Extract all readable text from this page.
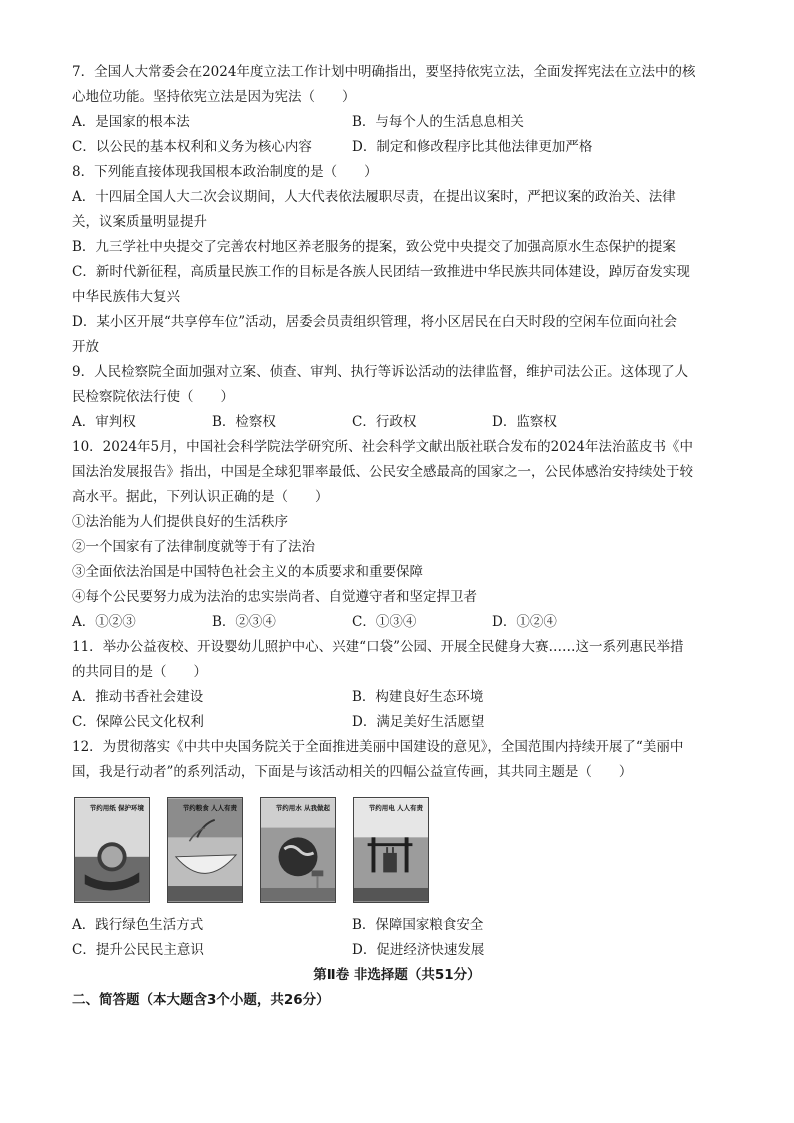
7．全国人大常委会在2024年度立法工作计划中明确指出，要坚持依宪立法，全面发挥宪法在立法中的核
心地位功能。坚持依宪立法是因为宪法（　　）
A．是国家的根本法	B．与每个人的生活息息相关
C．以公民的基本权利和义务为核心内容	D．制定和修改程序比其他法律更加严格
8．下列能直接体现我国根本政治制度的是（　　）
A．十四届全国人大二次会议期间，人大代表依法履职尽责，在提出议案时，严把议案的政治关、法律
关，议案质量明显提升
B．九三学社中央提交了完善农村地区养老服务的提案，致公党中央提交了加强高原水生态保护的提案
C．新时代新征程，高质量民族工作的目标是各族人民团结一致推进中华民族共同体建设，踔厉奋发实现
中华民族伟大复兴
D．某小区开展“共享停车位”活动，居委会员责组织管理，将小区居民在白天时段的空闲车位面向社会
开放
9．人民检察院全面加强对立案、侦查、审判、执行等诉讼活动的法律监督，维护司法公正。这体现了人
民检察院依法行使（　　）
A．审判权	B．检察权	C．行政权	D．监察权
10．2024年5月，中国社会科学院法学研究所、社会科学文献出版社联合发布的2024年法治蓝皮书《中
国法治发展报告》指出，中国是全球犯罪率最低、公民安全感最高的国家之一，公民体感治安持续处于较
高水平。据此，下列认识正确的是（　　）
①法治能为人们提供良好的生活秩序
②一个国家有了法律制度就等于有了法治
③全面依法治国是中国特色社会主义的本质要求和重要保障
④每个公民要努力成为法治的忠实崇尚者、自觉遵守者和坚定捍卫者
A．①②③	B．②③④	C．①③④	D．①②④
11．举办公益夜校、开设婴幼儿照护中心、兴建“口袋”公园、开展全民健身大赛……这一系列惠民举措
的共同目的是（　　）
A．推动书香社会建设	B．构建良好生态环境
C．保障公民文化权利	D．满足美好生活愿望
12．为贯彻落实《中共中央国务院关于全面推进美丽中国建设的意见》，全国范围内持续开展了“美丽中
国，我是行动者”的系列活动，下面是与该活动相关的四幅公益宣传画，其共同主题是（　　）
节约用纸 保护环境	节约粮食 人人有责	节约用水 从我做起	节约用电 人人有责
A．践行绿色生活方式	B．保障国家粮食安全
C．提升公民民主意识	D．促进经济快速发展
第Ⅱ卷 非选择题（共51分）
二、简答题（本大题含3个小题，共26分）
